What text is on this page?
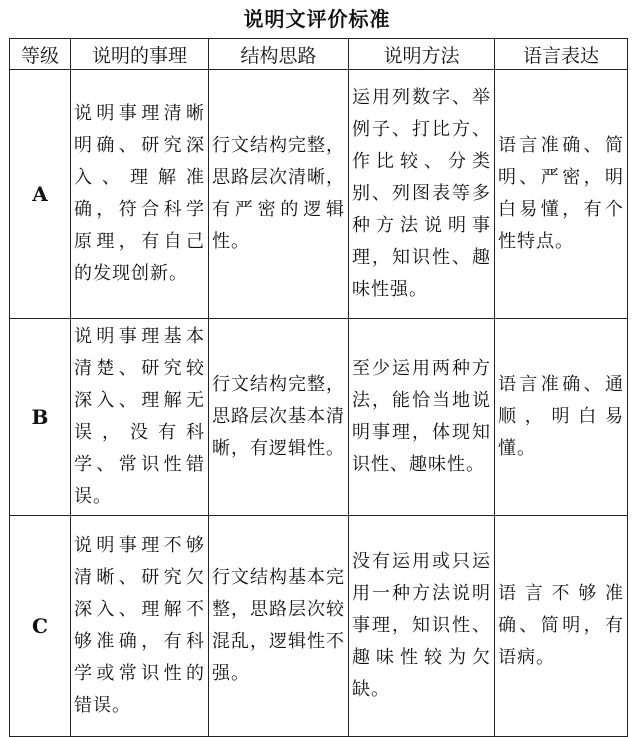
说明文评价标准
等级	说明的事理	结构思路	说明方法	语言表达
A	说明事理清晰明确、研究深入、理解准确，符合科学原理，有自己的发现创新。	行文结构完整，思路层次清晰，有严密的逻辑性。	运用列数字、举例子、打比方、作比较、分类别、列图表等多种方法说明事理，知识性、趣味性强。	语言准确、简明、严密，明白易懂，有个性特点。

B	说明事理基本清楚、研究较深入、理解无误，没有科学、常识性错误。	行文结构完整，思路层次基本清晰，有逻辑性。	至少运用两种方法，能恰当地说明事理，体现知识性、趣味性。	语言准确、通顺，明白易懂。

C	说明事理不够清晰、研究欠深入、理解不够准确，有科学或常识性的错误。	行文结构基本完整，思路层次较混乱，逻辑性不强。	没有运用或只运用一种方法说明事理，知识性、趣味性较为欠缺。	语言不够准确、简明，有语病。
